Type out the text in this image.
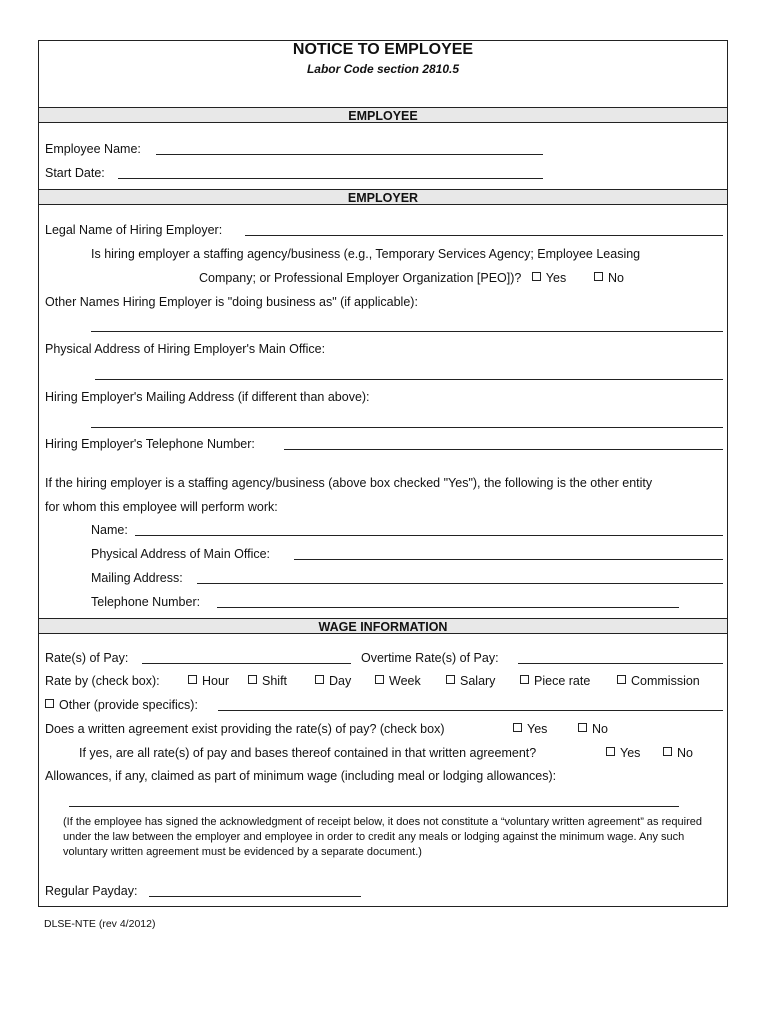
NOTICE TO EMPLOYEE
Labor Code section 2810.5
EMPLOYEE
Employee Name:
Start Date:
EMPLOYER
Legal Name of Hiring Employer:
Is hiring employer a staffing agency/business (e.g., Temporary Services Agency; Employee Leasing
Company; or Professional Employer Organization [PEO])? Yes	No
Other Names Hiring Employer is "doing business as" (if applicable):
Physical Address of Hiring Employer's Main Office:
Hiring Employer's Mailing Address (if different than above):
Hiring Employer's Telephone Number:
If the hiring employer is a staffing agency/business (above box checked "Yes"), the following is the other entity
for whom this employee will perform work:
Name:
Physical Address of Main Office:
Mailing Address:
Telephone Number:
WAGE INFORMATION
Rate(s) of Pay:	Overtime Rate(s) of Pay:
Rate by (check box):	Hour	Shift	Day	Week	Salary	Piece rate	Commission
Other (provide specifics):
Does a written agreement exist providing the rate(s) of pay? (check box)	Yes	No
If yes, are all rate(s) of pay and bases thereof contained in that written agreement?	Yes	No
Allowances, if any, claimed as part of minimum wage (including meal or lodging allowances):
(If the employee has signed the acknowledgment of receipt below, it does not constitute a “voluntary written agreement” as required under the law between the employer and employee in order to credit any meals or lodging against the minimum wage. Any such voluntary written agreement must be evidenced by a separate document.)
Regular Payday:
DLSE-NTE (rev 4/2012)
